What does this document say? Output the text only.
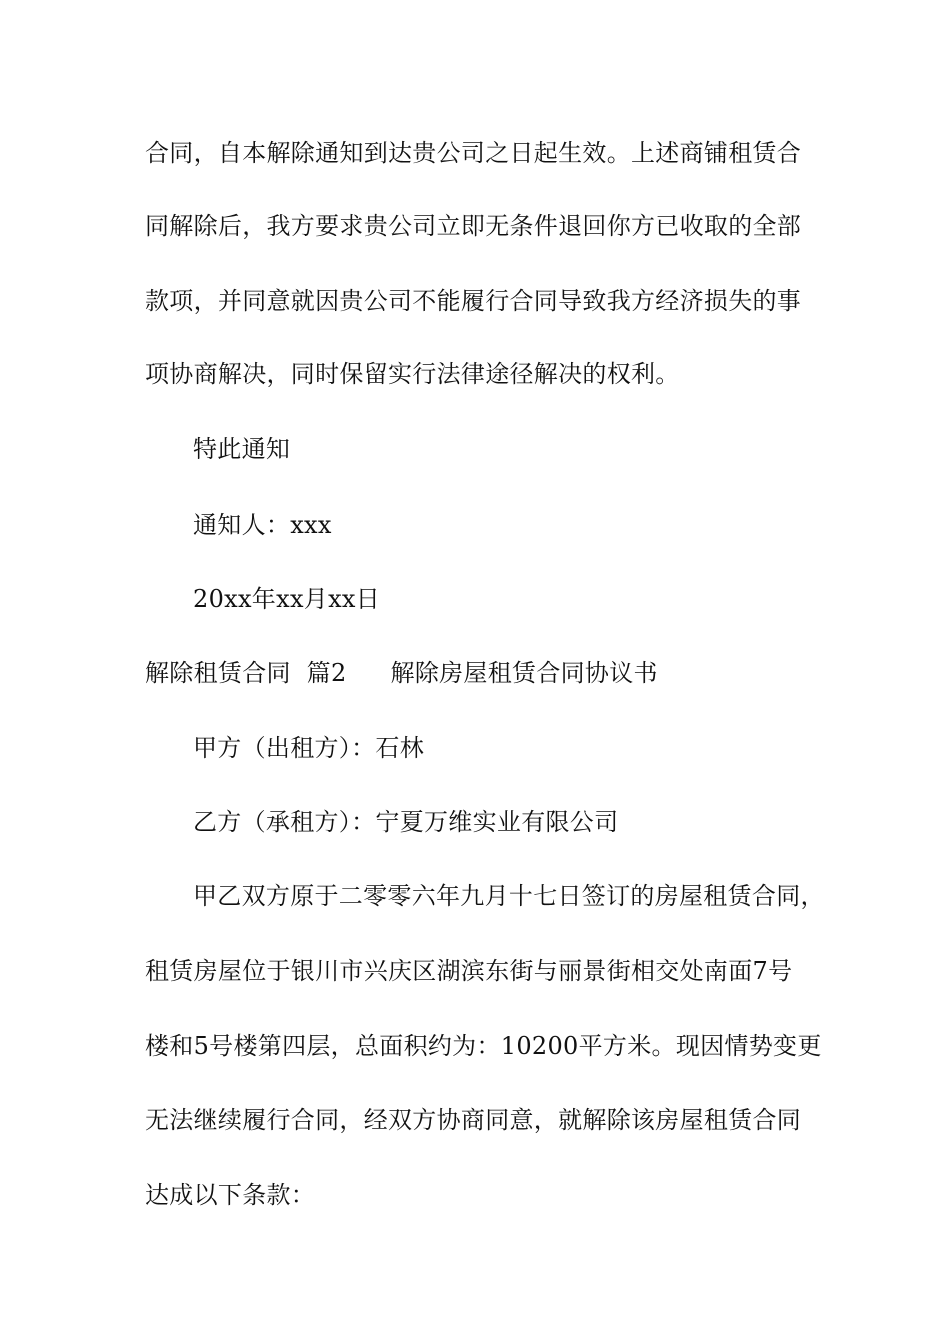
合同，自本解除通知到达贵公司之日起生效。上述商铺租赁合
同解除后，我方要求贵公司立即无条件退回你方已收取的全部
款项，并同意就因贵公司不能履行合同导致我方经济损失的事
项协商解决，同时保留实行法律途径解决的权利。
特此通知
通知人：xxx
20xx年xx月xx日
解除租赁合同  篇2 解除房屋租赁合同协议书
甲方（出租方）：石林
乙方（承租方）：宁夏万维实业有限公司
甲乙双方原于二零零六年九月十七日签订的房屋租赁合同，
租赁房屋位于银川市兴庆区湖滨东街与丽景街相交处南面7号
楼和5号楼第四层，总面积约为：10200平方米。现因情势变更
无法继续履行合同，经双方协商同意，就解除该房屋租赁合同
达成以下条款：
